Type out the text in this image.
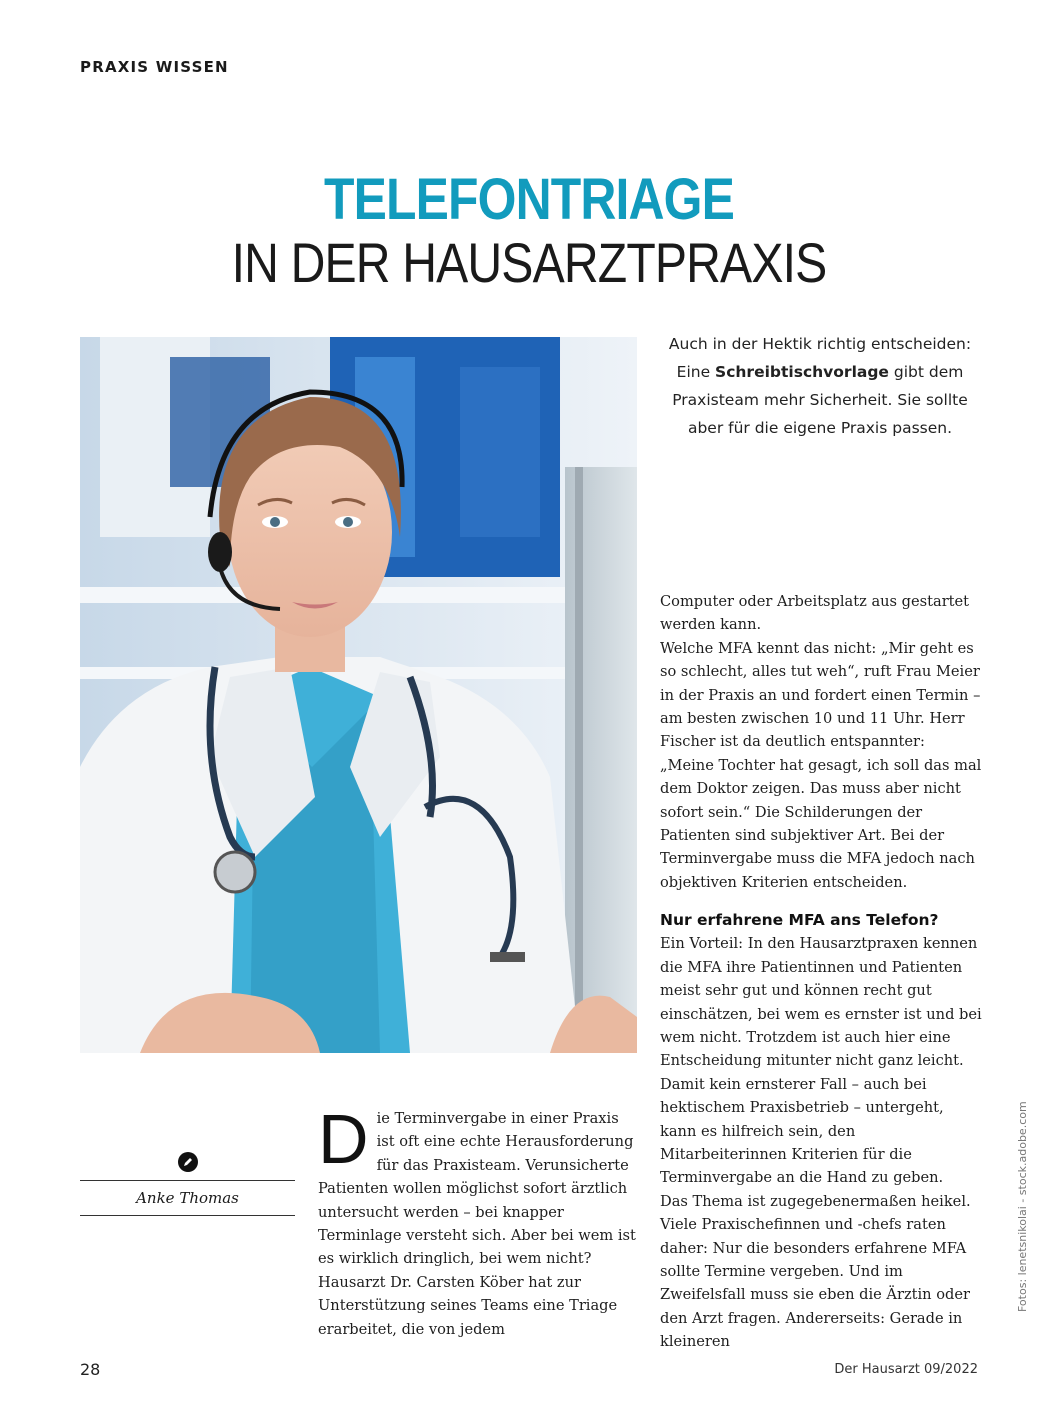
PRAXIS WISSEN
TELEFONTRIAGE
IN DER HAUSARZTPRAXIS
Auch in der Hektik richtig entscheiden: Eine Schreibtischvorlage gibt dem Praxisteam mehr Sicherheit. Sie sollte aber für die eigene Praxis passen.
Anke Thomas
D ie Terminvergabe in einer Praxis ist oft eine echte Herausforderung für das Praxisteam. Verunsicherte Patienten wollen möglichst sofort ärztlich untersucht werden – bei knapper Terminlage versteht sich. Aber bei wem ist es wirklich dringlich, bei wem nicht? Hausarzt Dr. Carsten Köber hat zur Unterstützung seines Teams eine Triage erarbeitet, die von jedem

Computer oder Arbeitsplatz aus gestartet werden kann.

Welche MFA kennt das nicht: „Mir geht es so schlecht, alles tut weh“, ruft Frau Meier in der Praxis an und fordert einen Termin – am besten zwischen 10 und 11 Uhr. Herr Fischer ist da deutlich entspannter: „Meine Tochter hat gesagt, ich soll das mal dem Doktor zeigen. Das muss aber nicht sofort sein.“ Die Schilderungen der Patienten sind subjektiver Art. Bei der Terminvergabe muss die MFA jedoch nach objektiven Kriterien entscheiden.

Nur erfahrene MFA ans Telefon?

Ein Vorteil: In den Hausarztpraxen kennen die MFA ihre Patientinnen und Patienten meist sehr gut und können recht gut einschätzen, bei wem es ernster ist und bei wem nicht. Trotzdem ist auch hier eine Entscheidung mitunter nicht ganz leicht. Damit kein ernsterer Fall – auch bei hektischem Praxisbetrieb – untergeht, kann es hilfreich sein, den Mitarbeiterinnen Kriterien für die Terminvergabe an die Hand zu geben.

Das Thema ist zugegebenermaßen heikel. Viele Praxischefinnen und -chefs raten daher: Nur die besonders erfahrene MFA sollte Termine vergeben. Und im Zweifelsfall muss sie eben die Ärztin oder den Arzt fragen. Andererseits: Gerade in kleineren

Fotos: lenetsnikolai - stock.adobe.com
28	Der Hausarzt 09/2022
